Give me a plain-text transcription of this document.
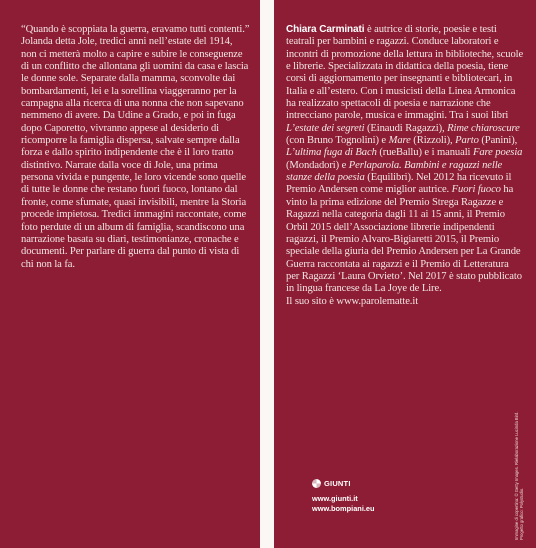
“Quando è scoppiata la guerra, eravamo tutti contenti.” Jolanda detta Jole, tredici anni nell’estate del 1914, non ci metterà molto a capire e subire le conseguenze di un conflitto che allontana gli uomini da casa e lascia le donne sole. Separate dalla mamma, sconvolte dai bombardamenti, lei e la sorellina viaggeranno per la campagna alla ricerca di una nonna che non sapevano nemmeno di avere. Da Udine a Grado, e poi in fuga dopo Caporetto, vivranno appese al desiderio di ricomporre la famiglia dispersa, salvate sempre dalla forza e dallo spirito indipendente che è il loro tratto distintivo. Narrate dalla voce di Jole, una prima persona vivida e pungente, le loro vicende sono quelle di tutte le donne che restano fuori fuoco, lontano dal fronte, come sfumate, quasi invisibili, mentre la Storia procede impietosa. Tredici immagini raccontate, come foto perdute di un album di famiglia, scandiscono una narrazione basata su diari, testimonianze, cronache e documenti. Per parlare di guerra dal punto di vista di chi non la fa.

Chiara Carminati è autrice di storie, poesie e testi teatrali per bambini e ragazzi. Conduce laboratori e incontri di promozione della lettura in biblioteche, scuole e librerie. Specializzata in didattica della poesia, tiene corsi di aggiornamento per insegnanti e bibliotecari, in Italia e all’estero. Con i musicisti della Linea Armonica ha realizzato spettacoli di poesia e narrazione che intrecciano parole, musica e immagini. Tra i suoi libri L’estate dei segreti (Einaudi Ragazzi), Rime chiaroscure (con Bruno Tognolini) e Mare (Rizzoli), Parto (Panini), L’ultima fuga di Bach (rueBallu) e i manuali Fare poesia (Mondadori) e Perlaparola. Bambini e ragazzi nelle stanze della poesia (Equilibri). Nel 2012 ha ricevuto il Premio Andersen come miglior autrice. Fuori fuoco ha vinto la prima edizione del Premio Strega Ragazze e Ragazzi nella categoria dagli 11 ai 15 anni, il Premio Orbil 2015 dell’Associazione librerie indipendenti ragazzi, il Premio Alvaro-Bigiaretti 2015, il Premio speciale della giuria del Premio Andersen per La Grande Guerra raccontata ai ragazzi e il Premio di Letteratura per Ragazzi ‘Laura Orvieto’. Nel 2017 è stato pubblicato in lingua francese da La Joye de Lire.
Il suo sito è www.parolematte.it

GIUNTI
www.giunti.it
www.bompiani.eu	Immagine di copertina: © Getty Images. Rielaborazione Lucinda Bird. Progetto grafico: Polystudio.
